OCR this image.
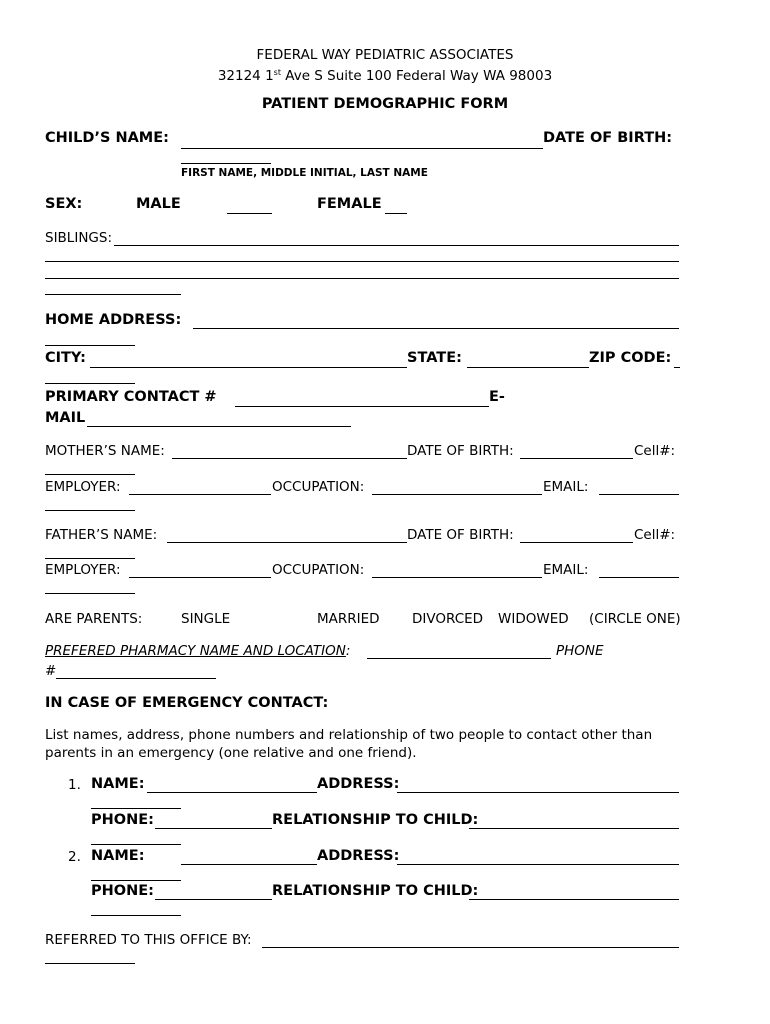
FEDERAL WAY PEDIATRIC ASSOCIATES
32124 1st Ave S Suite 100 Federal Way WA 98003
PATIENT DEMOGRAPHIC FORM
CHILD’S NAME:	DATE OF BIRTH:
FIRST NAME, MIDDLE INITIAL, LAST NAME
SEX:	MALE	FEMALE
SIBLINGS:
HOME ADDRESS:
CITY:	STATE:	ZIP CODE:
PRIMARY CONTACT #	E-
MAIL
MOTHER’S NAME:	DATE OF BIRTH:	Cell#:
EMPLOYER:	OCCUPATION:	EMAIL:
FATHER’S NAME:	DATE OF BIRTH:	Cell#:
EMPLOYER:	OCCUPATION:	EMAIL:
ARE PARENTS:	SINGLE	MARRIED DIVORCED WIDOWED (CIRCLE ONE)
PREFERED PHARMACY NAME AND LOCATION:	PHONE
#
IN CASE OF EMERGENCY CONTACT:
List names, address, phone numbers and relationship of two people to contact other than
parents in an emergency (one relative and one friend).
1. NAME:	ADDRESS:
PHONE:	RELATIONSHIP TO CHILD:
2. NAME:	ADDRESS:
PHONE:	RELATIONSHIP TO CHILD:
REFERRED TO THIS OFFICE BY:
